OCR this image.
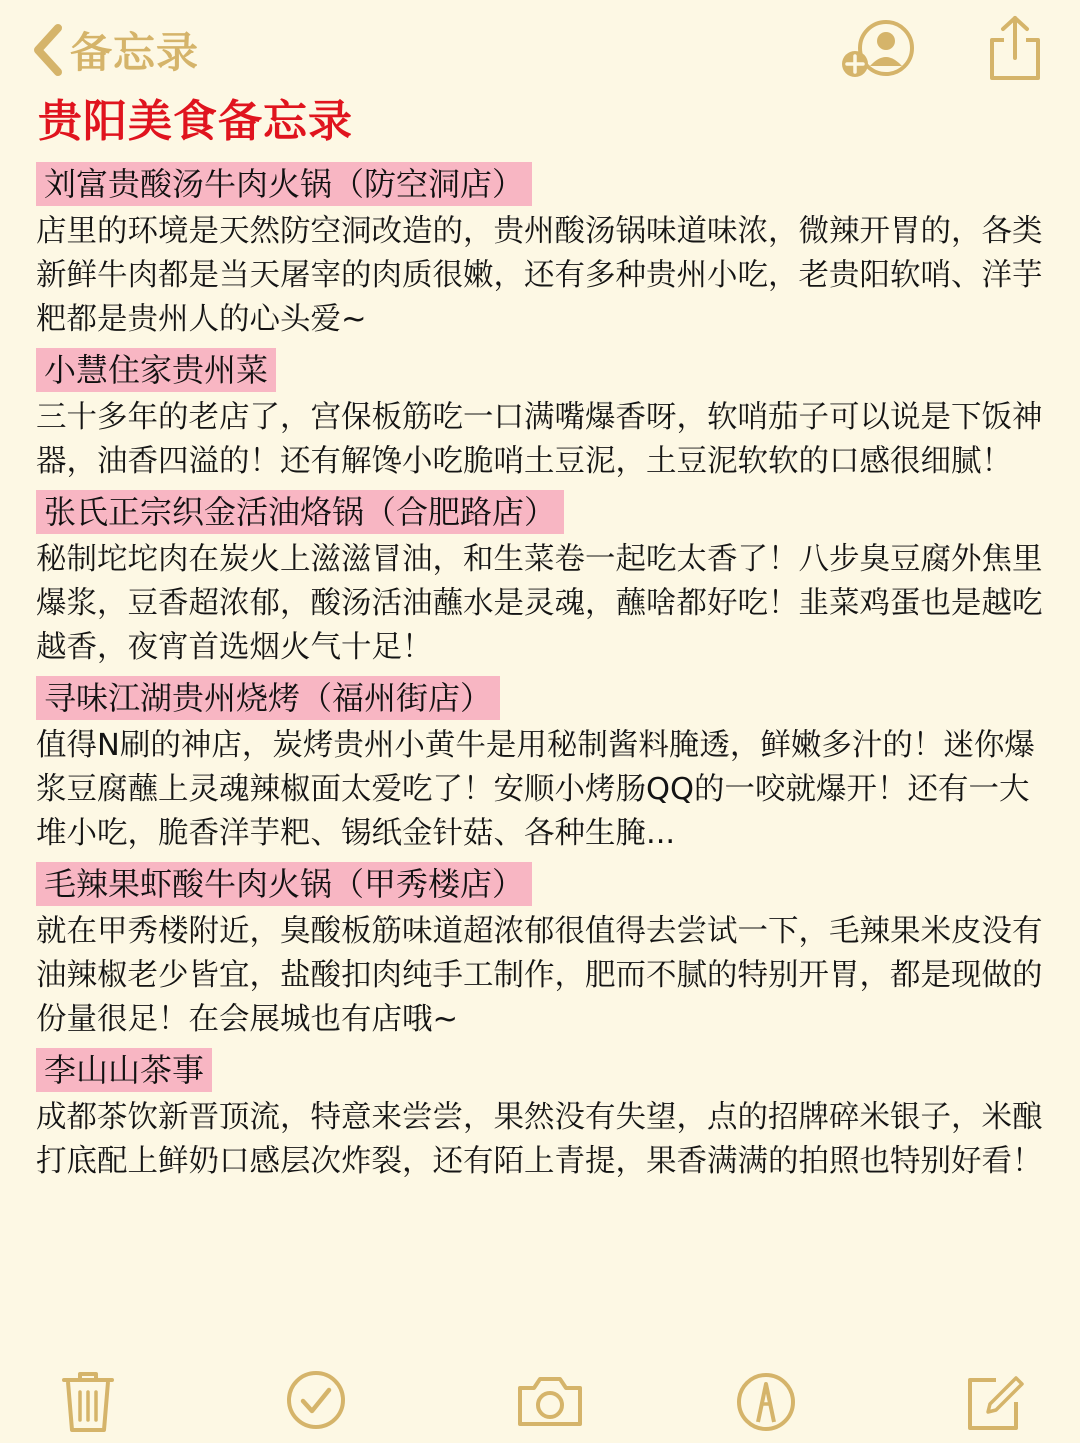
备忘录
贵阳美食备忘录
刘富贵酸汤牛肉火锅（防空洞店）

店里的环境是天然防空洞改造的，贵州酸汤锅味道味浓，微辣开胃的，各类新鲜牛肉都是当天屠宰的肉质很嫩，还有多种贵州小吃，老贵阳软哨、洋芋粑都是贵州人的心头爱~

小慧住家贵州菜

三十多年的老店了，宫保板筋吃一口满嘴爆香呀，软哨茄子可以说是下饭神器，油香四溢的！还有解馋小吃脆哨土豆泥，土豆泥软软的口感很细腻！

张氏正宗织金活油烙锅（合肥路店）

秘制坨坨肉在炭火上滋滋冒油，和生菜卷一起吃太香了！八步臭豆腐外焦里爆浆，豆香超浓郁，酸汤活油蘸水是灵魂，蘸啥都好吃！韭菜鸡蛋也是越吃越香，夜宵首选烟火气十足！

寻味江湖贵州烧烤（福州街店）

值得N刷的神店，炭烤贵州小黄牛是用秘制酱料腌透，鲜嫩多汁的！迷你爆浆豆腐蘸上灵魂辣椒面太爱吃了！安顺小烤肠QQ的一咬就爆开！还有一大堆小吃，脆香洋芋粑、锡纸金针菇、各种生腌...

毛辣果虾酸牛肉火锅（甲秀楼店）

就在甲秀楼附近，臭酸板筋味道超浓郁很值得去尝试一下，毛辣果米皮没有油辣椒老少皆宜，盐酸扣肉纯手工制作，肥而不腻的特别开胃，都是现做的份量很足！在会展城也有店哦~

李山山茶事

成都茶饮新晋顶流，特意来尝尝，果然没有失望，点的招牌碎米银子，米酿打底配上鲜奶口感层次炸裂，还有陌上青提，果香满满的拍照也特别好看！
